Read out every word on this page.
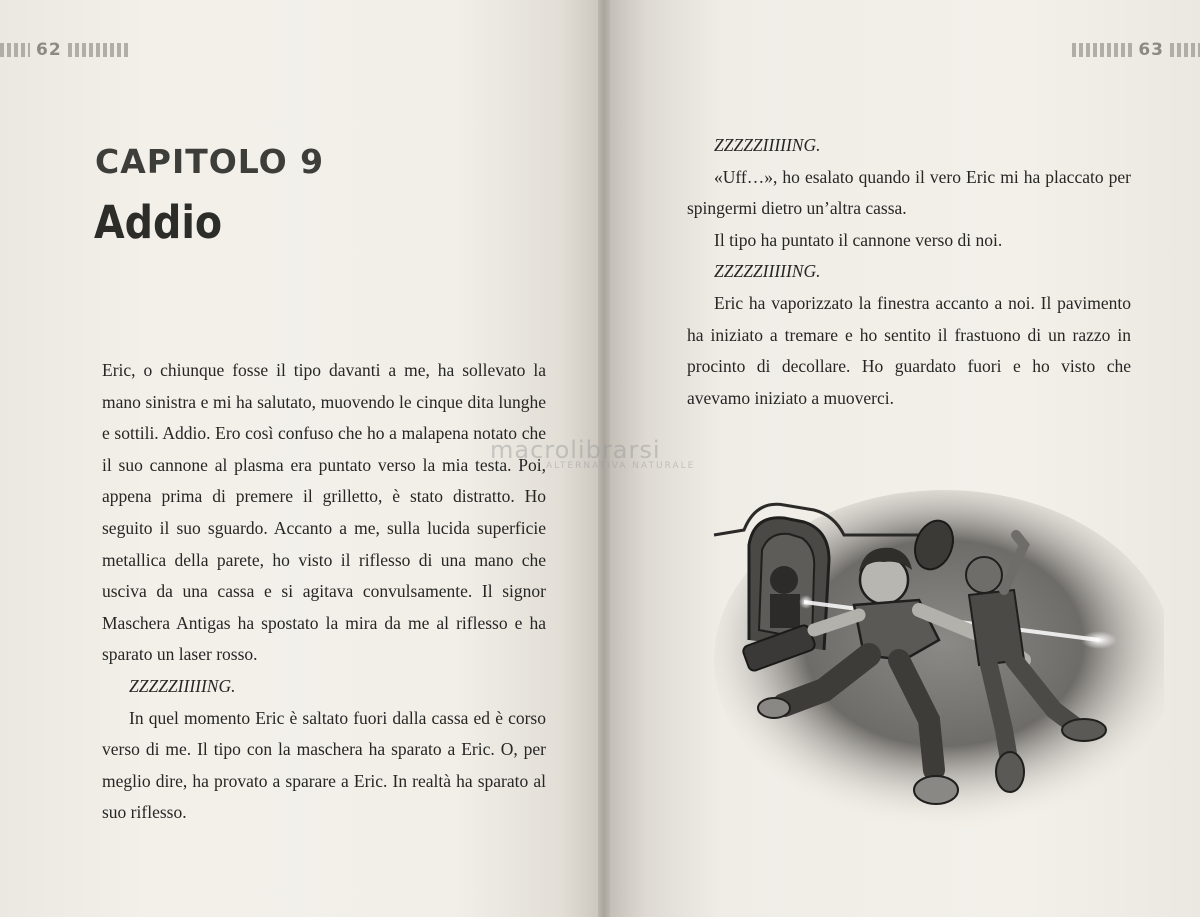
62
CAPITOLO 9
Addio

Eric, o chiunque fosse il tipo davanti a me, ha sollevato la mano sinistra e mi ha salutato, muovendo le cinque dita lunghe e sottili. Addio. Ero così confuso che ho a malapena notato che il suo cannone al plasma era puntato verso la mia testa. Poi, appena prima di premere il grilletto, è stato distratto. Ho seguito il suo sguardo. Accanto a me, sulla lucida superficie metallica della parete, ho visto il riflesso di una mano che usciva da una cassa e si agitava convulsamente. Il signor Maschera Antigas ha spostato la mira da me al riflesso e ha sparato un laser rosso.

ZZZZZIIIIING.

In quel momento Eric è saltato fuori dalla cassa ed è corso verso di me. Il tipo con la maschera ha sparato a Eric. O, per meglio dire, ha provato a sparare a Eric. In realtà ha sparato al suo riflesso.

63

ZZZZZIIIIING.

«Uff…», ho esalato quando il vero Eric mi ha placcato per spingermi dietro un’altra cassa.

Il tipo ha puntato il cannone verso di noi.

ZZZZZIIIIING.

Eric ha vaporizzato la finestra accanto a noi. Il pavimento ha iniziato a tremare e ho sentito il frastuono di un razzo in procinto di decollare. Ho guardato fuori e ho visto che avevamo iniziato a muoverci.

macrolibrarsi
ALTERNATIVA NATURALE
